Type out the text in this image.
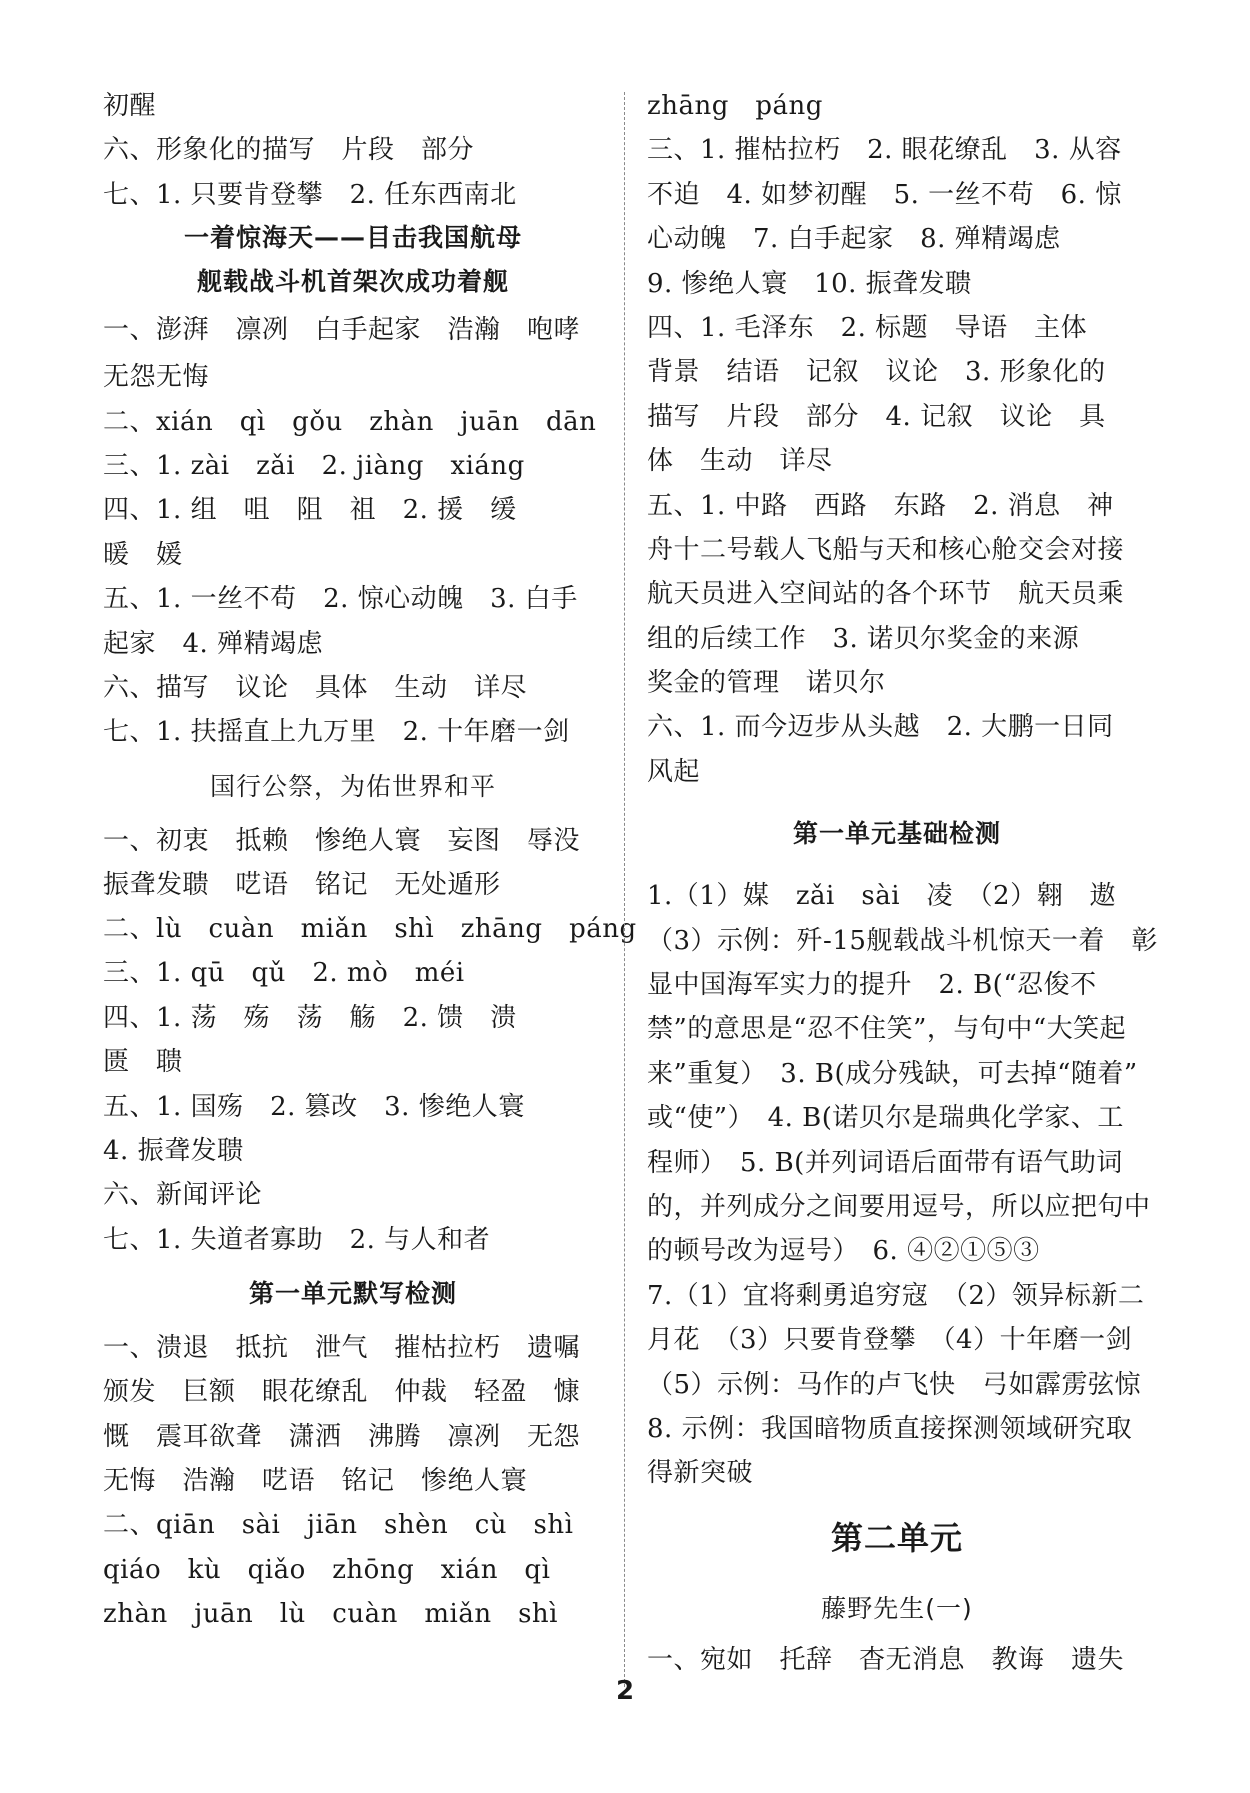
初醒
六、形象化的描写　片段　部分
七、1. 只要肯登攀　2. 任东西南北
一着惊海天——目击我国航母
舰载战斗机首架次成功着舰
一、澎湃　凛冽　白手起家　浩瀚　咆哮
无怨无悔
二、xián　qì　gǒu　zhàn　juān　dān
三、1. zài　zǎi　2. jiàng　xiáng
四、1. 组　咀　阻　祖　2. 援　缓
暖　媛
五、1. 一丝不苟　2. 惊心动魄　3. 白手
起家　4. 殚精竭虑
六、描写　议论　具体　生动　详尽
七、1. 扶摇直上九万里　2. 十年磨一剑
国行公祭，为佑世界和平
一、初衷　抵赖　惨绝人寰　妄图　辱没
振聋发聩　呓语　铭记　无处遁形
二、lù　cuàn　miǎn　shì　zhāng　páng
三、1. qū　qǔ　2. mò　méi
四、1. 荡　殇　荡　觞　2. 馈　溃
匮　聩
五、1. 国殇　2. 篡改　3. 惨绝人寰
4. 振聋发聩
六、新闻评论
七、1. 失道者寡助　2. 与人和者
第一单元默写检测
一、溃退　抵抗　泄气　摧枯拉朽　遗嘱
颁发　巨额　眼花缭乱　仲裁　轻盈　慷
慨　震耳欲聋　潇洒　沸腾　凛冽　无怨
无悔　浩瀚　呓语　铭记　惨绝人寰
二、qiān　sài　jiān　shèn　cù　shì
qiáo　kù　qiǎo　zhōng　xián　qì
zhàn　juān　lù　cuàn　miǎn　shì
zhāng　páng
三、1. 摧枯拉朽　2. 眼花缭乱　3. 从容
不迫　4. 如梦初醒　5. 一丝不苟　6. 惊
心动魄　7. 白手起家　8. 殚精竭虑
9. 惨绝人寰　10. 振聋发聩
四、1. 毛泽东　2. 标题　导语　主体
背景　结语　记叙　议论　3. 形象化的
描写　片段　部分　4. 记叙　议论　具
体　生动　详尽
五、1. 中路　西路　东路　2. 消息　神
舟十二号载人飞船与天和核心舱交会对接
航天员进入空间站的各个环节　航天员乘
组的后续工作　3. 诺贝尔奖金的来源
奖金的管理　诺贝尔
六、1. 而今迈步从头越　2. 大鹏一日同
风起
第一单元基础检测
1.（1）媒　zǎi　sài　凌　（2）翱　遨
（3）示例：歼-15舰载战斗机惊天一着　彰
显中国海军实力的提升　2. B(“忍俊不
禁”的意思是“忍不住笑”，与句中“大笑起
来”重复）　3. B(成分残缺，可去掉“随着”
或“使”）　4. B(诺贝尔是瑞典化学家、工
程师）　5. B(并列词语后面带有语气助词
的，并列成分之间要用逗号，所以应把句中
的顿号改为逗号）　6. ④②①⑤③
7.（1）宜将剩勇追穷寇　（2）领异标新二
月花　（3）只要肯登攀　（4）十年磨一剑
（5）示例：马作的卢飞快　弓如霹雳弦惊
8. 示例：我国暗物质直接探测领域研究取
得新突破
第二单元
藤野先生(一)
一、宛如　托辞　杳无消息　教诲　遗失
2
